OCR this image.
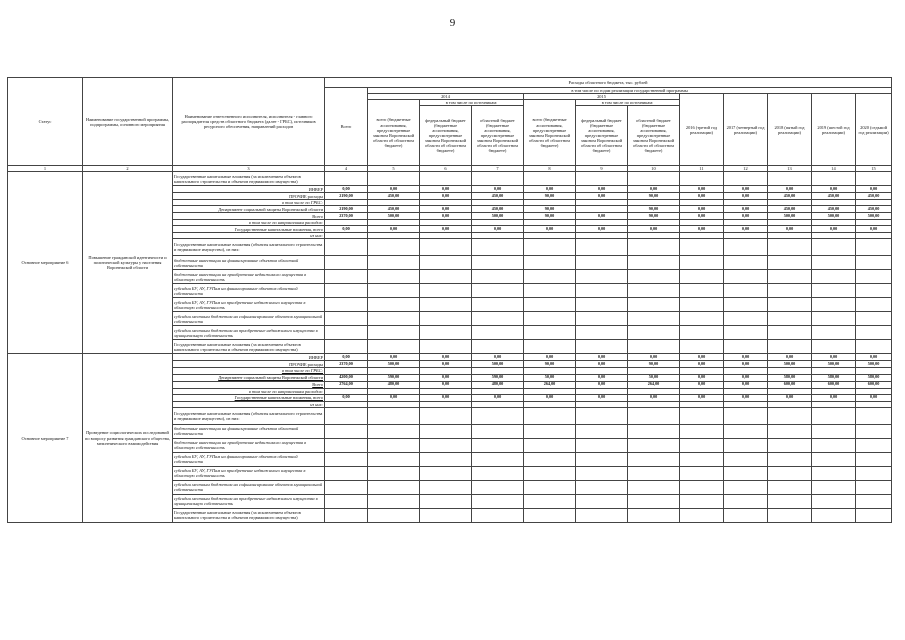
9
Статус	Наименование государственной программы, подпрограммы, основного мероприятия	Наименование ответственного исполнителя, исполнителя - главного распорядителя средств областного бюджета (далее - ГРБС), источников ресурсного обеспечения, направлений расходов	Расходы областного бюджета, тыс. рублей											
			Всего	в том числе по годам реализации государственной программы										
				2014			2015			2016 (третий год реализации)	2017 (четвертый год реализации)	2018 (пятый год реализации)	2019 (шестой год реализации)	2020 (седьмой год реализации)
				всего (бюджетные ассигнования, предусмотренные законом Воронежской области об областном бюджете)	в том числе по источникам:		всего (бюджетные ассигнования, предусмотренные законом Воронежской области об областном бюджете)	в том числе по источникам:						
					федеральный бюджет (бюджетные ассигнования, предусмотренные законом Воронежской области об областном бюджете)	областной бюджет (бюджетные ассигнования, предусмотренные законом Воронежской области об областном бюджете)		федеральный бюджет (бюджетные ассигнования, предусмотренные законом Воронежской области об областном бюджете)	областной бюджет (бюджетные ассигнования, предусмотренные законом Воронежской области об областном бюджете)					
1	2	3	4	5	6	7	8	9	10	11	12	13	14	15
Основное мероприятие 6	Повышение гражданской идентичности и политической культуры у населения Воронежской области	Государственные капитальные вложения (за исключением объектов капитального строительства и объектов недвижимого имущества)												
		ИНВЕР	0,00	0,00	0,00	0,00	0,00	0,00	0,00	0,00	0,00	0,00	0,00	0,00
		ПРОЧИЕ расходы	2190,00	450,00	0,00	450,00	90,00	0,00	90,00	0,00	0,00	450,00	450,00	450,00
		в том числе по ГРБС:												
		Департамент социальной защиты Воронежской области	2190,00	450,00	0,00	450,00	90,00		90,00	0,00	0,00	450,00	450,00	450,00
		Всего	2370,00	500,00	0,00	500,00	90,00	0,00	90,00	0,00	0,00	500,00	500,00	500,00
		в том числе по направлениям расходов:												
		Государственные капитальные вложения, всего	0,00	0,00	0,00	0,00	0,00	0,00	0,00	0,00	0,00	0,00	0,00	0,00
		из них:												
		Государственные капитальные вложения (объекты капитального строительства и недвижимое имущество), из них:												
		бюджетные инвестиции на финансирование объектов областной собственности												
		бюджетные инвестиции на приобретение недвижимого имущества в областную собственность												
		субсидии БУ, АУ, ГУПам на финансирование объектов областной собственности												
		субсидии БУ, АУ, ГУПам на приобретение недвижимого имущества в областную собственность												
		субсидии местным бюджетам на софинансирование объектов муниципальной собственности												
		субсидии местным бюджетам на приобретение недвижимого имущества в муниципальную собственность												
		Государственные капитальные вложения (за исключением объектов капитального строительства и объектов недвижимого имущества)												
Основное мероприятие 7	Проведение социологических исследований по вопросу развития гражданского общества, межэтнического взаимодействия	ИНВЕР	0,00	0,00	0,00	0,00	0,00	0,00	0,00	0,00	0,00	0,00	0,00	0,00
		ПРОЧИЕ расходы	2370,00	500,00	0,00	500,00	90,00	0,00	90,00	0,00	0,00	500,00	500,00	500,00
		в том числе по ГРБС:												
		Департамент социальной защиты Воронежской области	4200,00	590,00	0,00	590,00	50,00	0,00	50,00	0,00	0,00	580,00	580,00	580,00
		Всего	2764,00	480,00	0,00	480,00	264,00	0,00	264,00	0,00	0,00	600,00	600,00	600,00
		в том числе по направлениям расходов:												
		Государственные капитальные вложения, всего	0,00	0,00	0,00	0,00	0,00	0,00	0,00	0,00	0,00	0,00	0,00	0,00
		из них:												
		Государственные капитальные вложения (объекты капитального строительства и недвижимое имущество), из них:												
		бюджетные инвестиции на финансирование объектов областной собственности												
		бюджетные инвестиции на приобретение недвижимого имущества в областную собственность												
		субсидии БУ, АУ, ГУПам на финансирование объектов областной собственности												
		субсидии БУ, АУ, ГУПам на приобретение недвижимого имущества в областную собственность												
		субсидии местным бюджетам на софинансирование объектов муниципальной собственности												
		субсидии местным бюджетам на приобретение недвижимого имущества в муниципальную собственность												
		Государственные капитальные вложения (за исключением объектов капитального строительства и объектов недвижимого имущества)												
